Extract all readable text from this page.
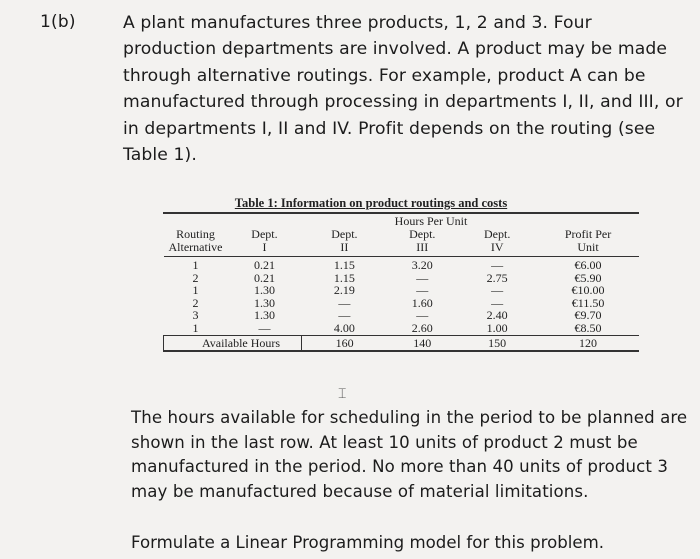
1(b)	A plant manufactures three products, 1, 2 and 3. Four production departments are involved. A product may be made through alternative routings. For example, product A can be manufactured through processing in departments I, II, and III, or in departments I, II and IV. Profit depends on the routing (see Table 1).
Table 1: Information on product routings and costs
Hours Per Unit
Routing	Dept.	Dept.	Dept.	Dept.	Profit Per
Alternative	I	II	III	IV	Unit

1	0.21	1.15	3.20	—	€6.00
2	0.21	1.15	—	2.75	€5.90
1	1.30	2.19	—	—	€10.00
2	1.30	—	1.60	—	€11.50
3	1.30	—	—	2.40	€9.70
1	—	4.00	2.60	1.00	€8.50
Available Hours		160	140	150	120
⌶
The hours available for scheduling in the period to be planned are shown in the last row. At least 10 units of product 2 must be manufactured in the period. No more than 40 units of product 3 may be manufactured because of material limitations.
Formulate a Linear Programming model for this problem.
